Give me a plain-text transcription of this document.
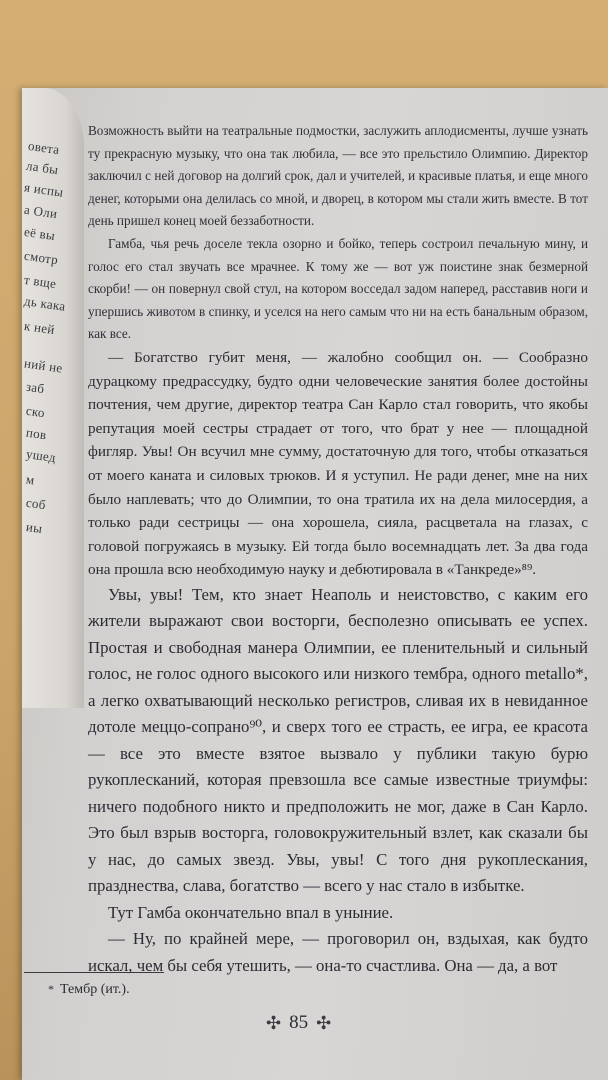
овета
ла бы
я испы
а Оли
её вы
смотр
т вще
дь кака
к ней
ний не
заб
ско
пов
ушед
м
соб
иы

Возможность выйти на театральные подмостки, заслужить аплодисменты, лучше узнать ту прекрасную музыку, что она так любила, — все это прельстило Олимпию. Директор заключил с ней договор на долгий срок, дал и учителей, и красивые платья, и еще много денег, которыми она делилась со мной, и дворец, в котором мы стали жить вместе. В тот день пришел конец моей беззаботности.

Гамба, чья речь доселе текла озорно и бойко, теперь состроил печальную мину, и голос его стал звучать все мрачнее. К тому же — вот уж поистине знак безмерной скорби! — он повернул свой стул, на котором восседал задом наперед, расставив ноги и упершись животом в спинку, и уселся на него самым что ни на есть банальным образом, как все.

— Богатство губит меня, — жалобно сообщил он. — Сообразно дурацкому предрассудку, будто одни человеческие занятия более достойны почтения, чем другие, директор театра Сан Карло стал говорить, что якобы репутация моей сестры страдает от того, что брат у нее — площадной фигляр. Увы! Он всучил мне сумму, достаточную для того, чтобы отказаться от моего каната и силовых трюков. И я уступил. Не ради денег, мне на них было наплевать; что до Олимпии, то она тратила их на дела милосердия, а только ради сестрицы — она хорошела, сияла, расцветала на глазах, с головой погружаясь в музыку. Ей тогда было восемнадцать лет. За два года она прошла всю необходимую науку и дебютировала в «Танкреде»⁸⁹.

Увы, увы! Тем, кто знает Неаполь и неистовство, с каким его жители выражают свои восторги, бесполезно описывать ее успех. Простая и свободная манера Олимпии, ее пленительный и сильный голос, не голос одного высокого или низкого тембра, одного metallo*, а легко охватывающий несколько регистров, сливая их в невиданное дотоле меццо-сопрано⁹⁰, и сверх того ее страсть, ее игра, ее красота — все это вместе взятое вызвало у публики такую бурю рукоплесканий, которая превзошла все самые известные триумфы: ничего подобного никто и предположить не мог, даже в Сан Карло. Это был взрыв восторга, головокружительный взлет, как сказали бы у нас, до самых звезд. Увы, увы! С того дня рукоплескания, празднества, слава, богатство — всего у нас стало в избытке.

Тут Гамба окончательно впал в уныние.

— Ну, по крайней мере, — проговорил он, вздыхая, как будто искал, чем бы себя утешить, — она-то счастлива. Она — да, а вот

* Тембр (ит.).
✣ 85 ✣
